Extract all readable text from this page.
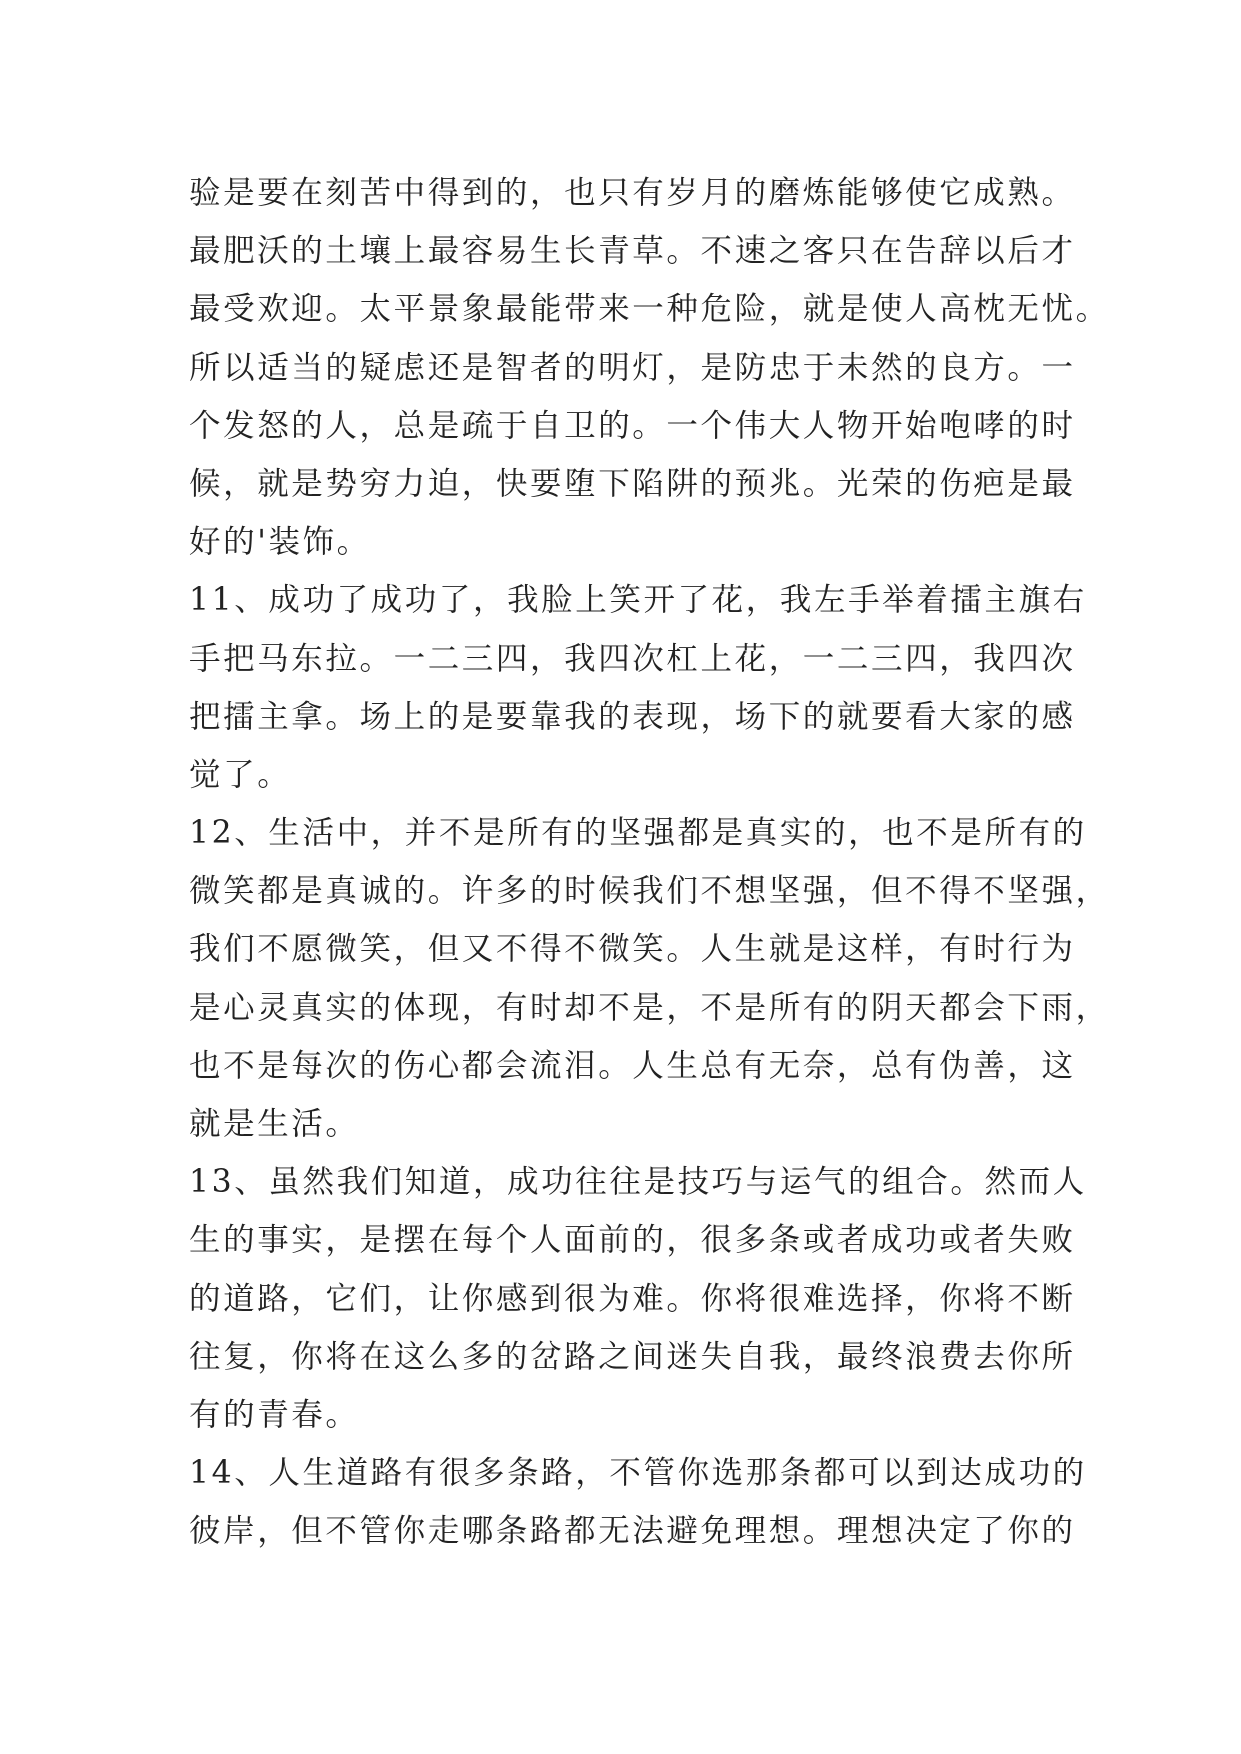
验是要在刻苦中得到的，也只有岁月的磨炼能够使它成熟。
最肥沃的土壤上最容易生长青草。不速之客只在告辞以后才
最受欢迎。太平景象最能带来一种危险，就是使人高枕无忧。
所以适当的疑虑还是智者的明灯，是防忠于未然的良方。一
个发怒的人，总是疏于自卫的。一个伟大人物开始咆哮的时
候，就是势穷力迫，快要堕下陷阱的预兆。光荣的伤疤是最
好的'装饰。
11、成功了成功了，我脸上笑开了花，我左手举着擂主旗右
手把马东拉。一二三四，我四次杠上花，一二三四，我四次
把擂主拿。场上的是要靠我的表现，场下的就要看大家的感
觉了。
12、生活中，并不是所有的坚强都是真实的，也不是所有的
微笑都是真诚的。许多的时候我们不想坚强，但不得不坚强，
我们不愿微笑，但又不得不微笑。人生就是这样，有时行为
是心灵真实的体现，有时却不是，不是所有的阴天都会下雨，
也不是每次的伤心都会流泪。人生总有无奈，总有伪善，这
就是生活。
13、虽然我们知道，成功往往是技巧与运气的组合。然而人
生的事实，是摆在每个人面前的，很多条或者成功或者失败
的道路，它们，让你感到很为难。你将很难选择，你将不断
往复，你将在这么多的岔路之间迷失自我，最终浪费去你所
有的青春。
14、人生道路有很多条路，不管你选那条都可以到达成功的
彼岸，但不管你走哪条路都无法避免理想。理想决定了你的
